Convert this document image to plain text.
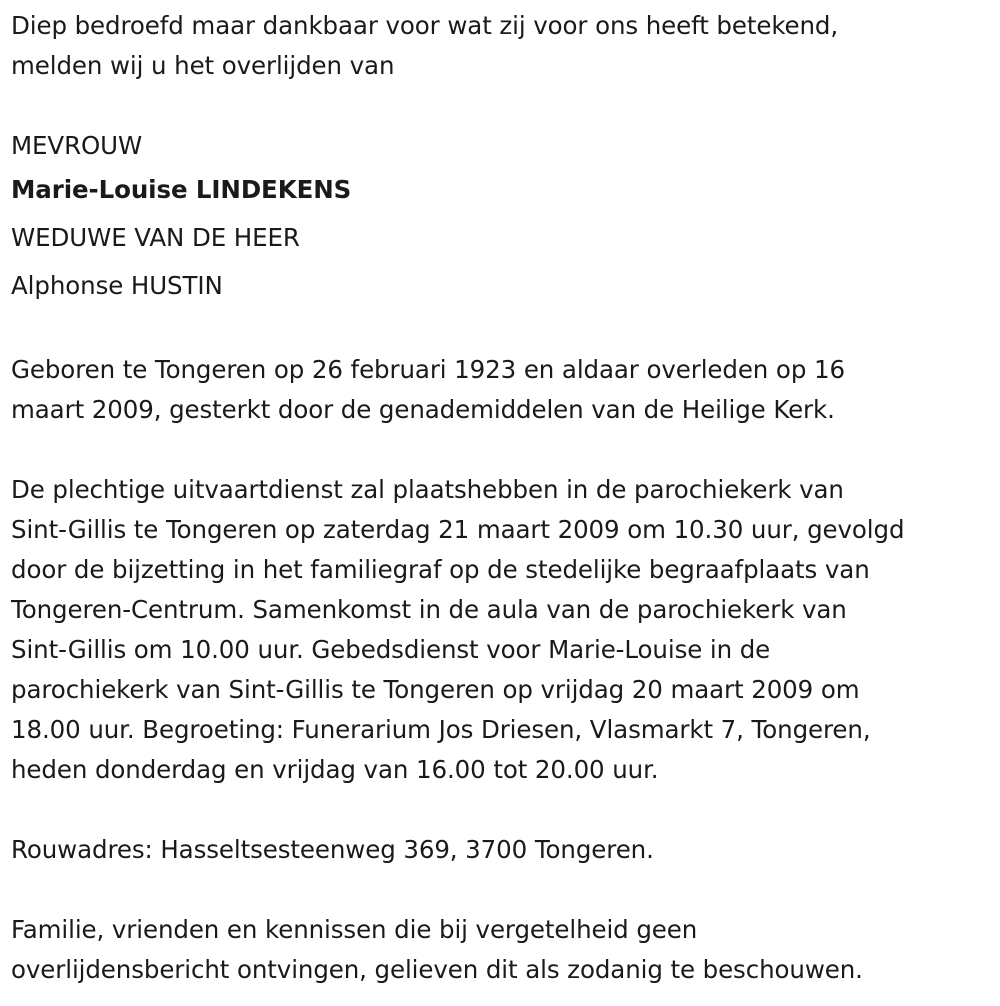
Diep bedroefd maar dankbaar voor wat zij voor ons heeft betekend,
melden wij u het overlijden van

MEVROUW
Marie-Louise LINDEKENS
WEDUWE VAN DE HEER
Alphonse HUSTIN

Geboren te Tongeren op 26 februari 1923 en aldaar overleden op 16
maart 2009, gesterkt door de genademiddelen van de Heilige Kerk.

De plechtige uitvaartdienst zal plaatshebben in de parochiekerk van
Sint-Gillis te Tongeren op zaterdag 21 maart 2009 om 10.30 uur, gevolgd
door de bijzetting in het familiegraf op de stedelijke begraafplaats van
Tongeren-Centrum. Samenkomst in de aula van de parochiekerk van
Sint-Gillis om 10.00 uur. Gebedsdienst voor Marie-Louise in de
parochiekerk van Sint-Gillis te Tongeren op vrijdag 20 maart 2009 om
18.00 uur. Begroeting: Funerarium Jos Driesen, Vlasmarkt 7, Tongeren,
heden donderdag en vrijdag van 16.00 tot 20.00 uur.

Rouwadres: Hasseltsesteenweg 369, 3700 Tongeren.

Familie, vrienden en kennissen die bij vergetelheid geen
overlijdensbericht ontvingen, gelieven dit als zodanig te beschouwen.
